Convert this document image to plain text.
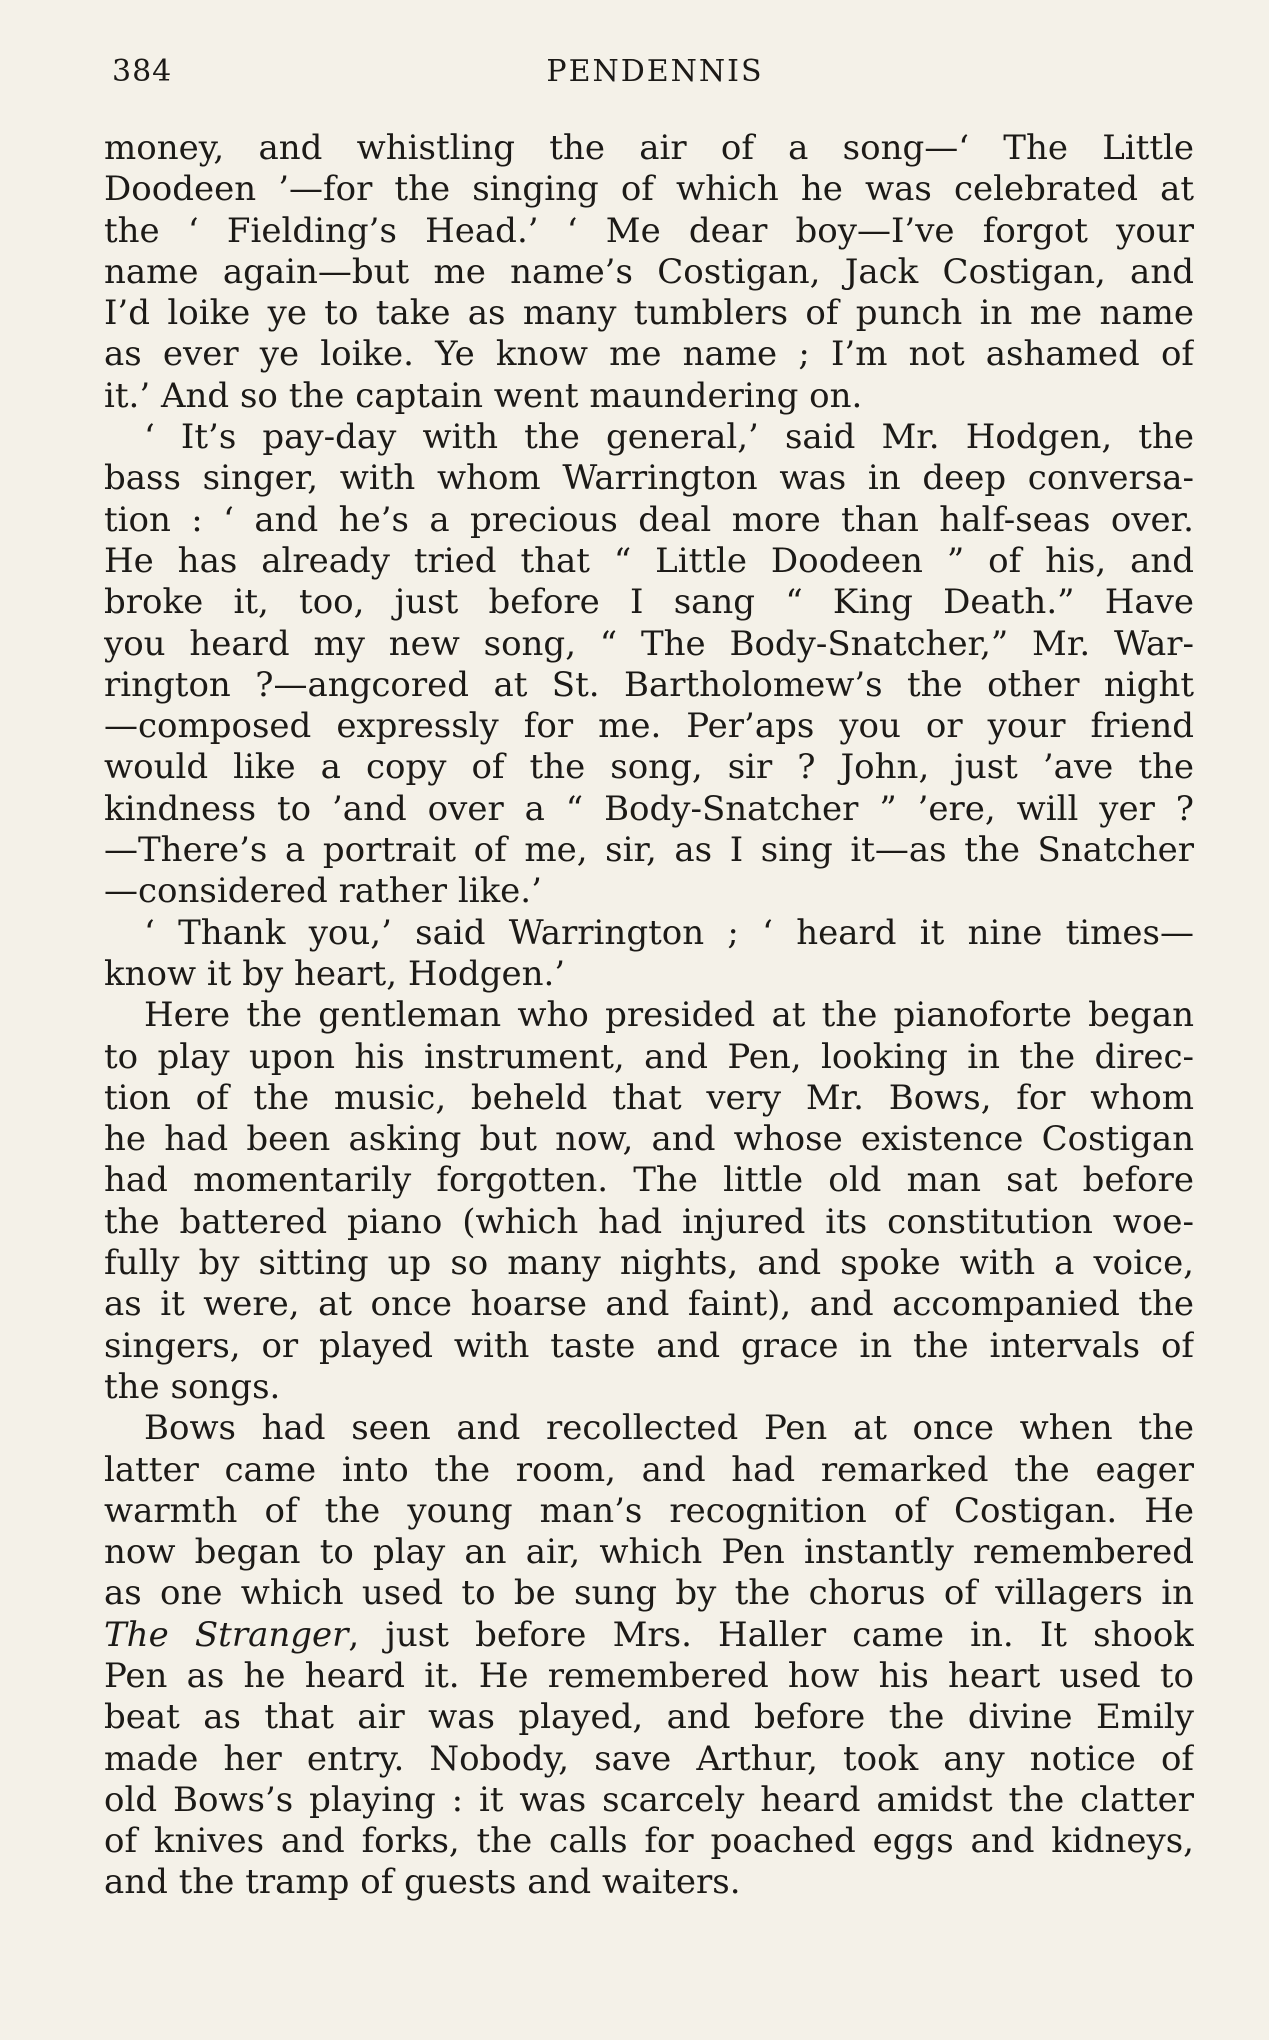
384	PENDENNIS
money, and whistling the air of a song—‘ The Little
Doodeen ’—for the singing of which he was celebrated at
the ‘ Fielding’s Head.’ ‘ Me dear boy—I’ve forgot your
name again—but me name’s Costigan, Jack Costigan, and
I’d loike ye to take as many tumblers of punch in me name
as ever ye loike. Ye know me name ; I’m not ashamed of
it.’ And so the captain went maundering on.
‘ It’s pay-day with the general,’ said Mr. Hodgen, the
bass singer, with whom Warrington was in deep conversa-
tion : ‘ and he’s a precious deal more than half-seas over.
He has already tried that “ Little Doodeen ” of his, and
broke it, too, just before I sang “ King Death.” Have
you heard my new song, “ The Body-Snatcher,” Mr. War-
rington ?—angcored at St. Bartholomew’s the other night
—composed expressly for me. Per’aps you or your friend
would like a copy of the song, sir ? John, just ’ave the
kindness to ’and over a “ Body-Snatcher ” ’ere, will yer ?
—There’s a portrait of me, sir, as I sing it—as the Snatcher
—considered rather like.’
‘ Thank you,’ said Warrington ; ‘ heard it nine times—
know it by heart, Hodgen.’
Here the gentleman who presided at the pianoforte began
to play upon his instrument, and Pen, looking in the direc-
tion of the music, beheld that very Mr. Bows, for whom
he had been asking but now, and whose existence Costigan
had momentarily forgotten. The little old man sat before
the battered piano (which had injured its constitution woe-
fully by sitting up so many nights, and spoke with a voice,
as it were, at once hoarse and faint), and accompanied the
singers, or played with taste and grace in the intervals of
the songs.
Bows had seen and recollected Pen at once when the
latter came into the room, and had remarked the eager
warmth of the young man’s recognition of Costigan. He
now began to play an air, which Pen instantly remembered
as one which used to be sung by the chorus of villagers in
The Stranger, just before Mrs. Haller came in. It shook
Pen as he heard it. He remembered how his heart used to
beat as that air was played, and before the divine Emily
made her entry. Nobody, save Arthur, took any notice of
old Bows’s playing : it was scarcely heard amidst the clatter
of knives and forks, the calls for poached eggs and kidneys,
and the tramp of guests and waiters.
